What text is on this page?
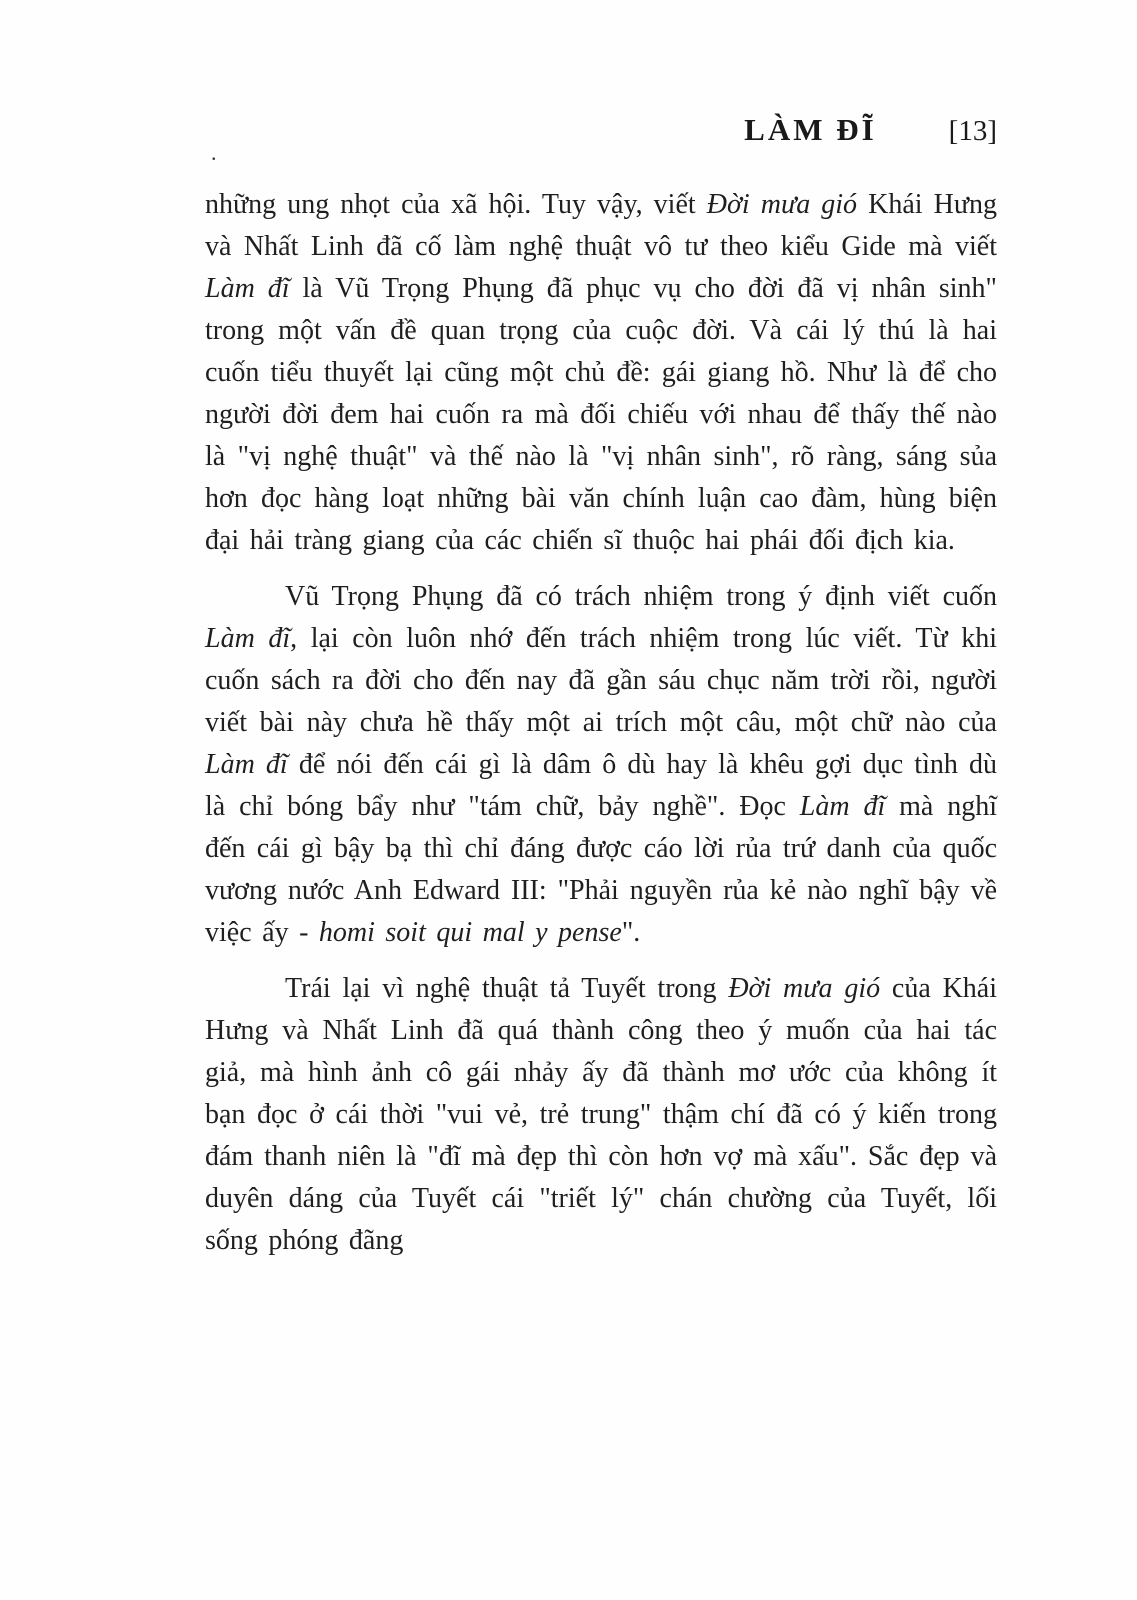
.
LÀM ĐĨ [13]

những ung nhọt của xã hội. Tuy vậy, viết Đời mưa gió Khái Hưng và Nhất Linh đã cố làm nghệ thuật vô tư theo kiểu Gide mà viết Làm đĩ là Vũ Trọng Phụng đã phục vụ cho đời đã vị nhân sinh" trong một vấn đề quan trọng của cuộc đời. Và cái lý thú là hai cuốn tiểu thuyết lại cũng một chủ đề: gái giang hồ. Như là để cho người đời đem hai cuốn ra mà đối chiếu với nhau để thấy thế nào là "vị nghệ thuật" và thế nào là "vị nhân sinh", rõ ràng, sáng sủa hơn đọc hàng loạt những bài văn chính luận cao đàm, hùng biện đại hải tràng giang của các chiến sĩ thuộc hai phái đối địch kia.

Vũ Trọng Phụng đã có trách nhiệm trong ý định viết cuốn Làm đĩ, lại còn luôn nhớ đến trách nhiệm trong lúc viết. Từ khi cuốn sách ra đời cho đến nay đã gần sáu chục năm trời rồi, người viết bài này chưa hề thấy một ai trích một câu, một chữ nào của Làm đĩ để nói đến cái gì là dâm ô dù hay là khêu gợi dục tình dù là chỉ bóng bẩy như "tám chữ, bảy nghề". Đọc Làm đĩ mà nghĩ đến cái gì bậy bạ thì chỉ đáng được cáo lời rủa trứ danh của quốc vương nước Anh Edward III: "Phải nguyền rủa kẻ nào nghĩ bậy về việc ấy - homi soit qui mal y pense".

Trái lại vì nghệ thuật tả Tuyết trong Đời mưa gió của Khái Hưng và Nhất Linh đã quá thành công theo ý muốn của hai tác giả, mà hình ảnh cô gái nhảy ấy đã thành mơ ước của không ít bạn đọc ở cái thời "vui vẻ, trẻ trung" thậm chí đã có ý kiến trong đám thanh niên là "đĩ mà đẹp thì còn hơn vợ mà xấu". Sắc đẹp và duyên dáng của Tuyết cái "triết lý" chán chường của Tuyết, lối sống phóng đãng
